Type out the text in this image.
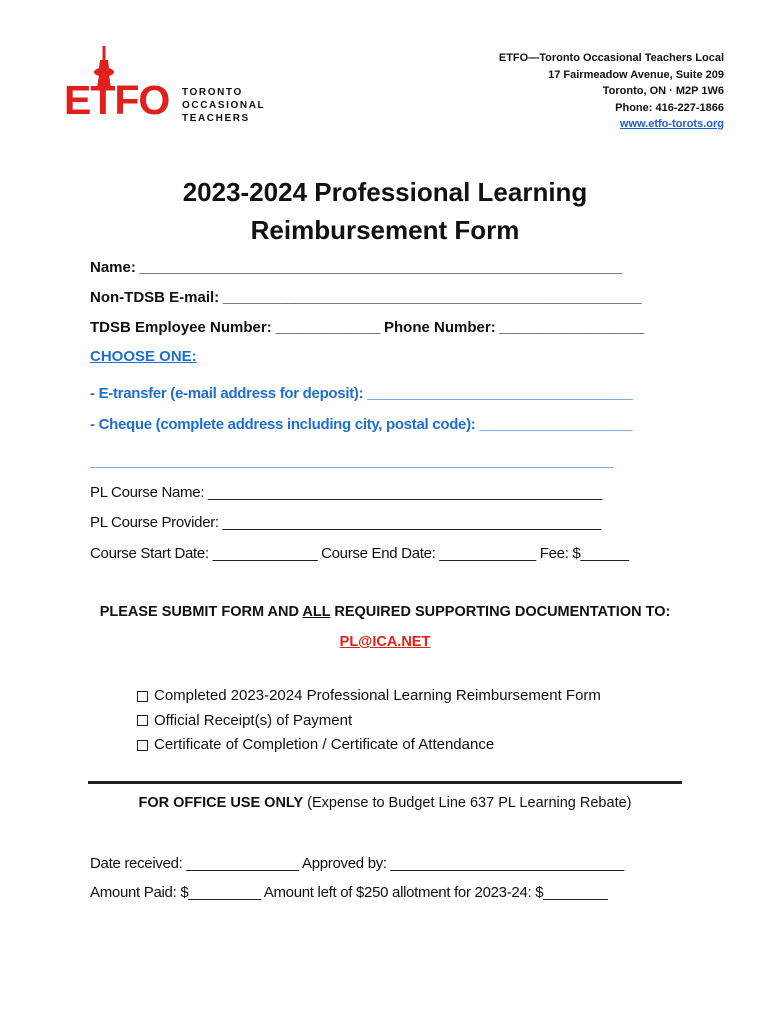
ETFO TORONTO
OCCASIONAL
TEACHERS
ETFO—Toronto Occasional Teachers Local
17 Fairmeadow Avenue, Suite 209
Toronto, ON · M2P 1W6
Phone: 416-227-1866
www.etfo-torots.org
2023-2024 Professional Learning
Reimbursement Form
Name: ____________________________________________________________
Non-TDSB E-mail: ____________________________________________________
TDSB Employee Number: _____________ Phone Number: __________________
CHOOSE ONE:
- E-transfer (e-mail address for deposit): _________________________________
- Cheque (complete address including city, postal code): ___________________
_________________________________________________________________
PL Course Name: _________________________________________________
PL Course Provider: _______________________________________________
Course Start Date: _____________ Course End Date: ____________ Fee: $______
PLEASE SUBMIT FORM AND ALL REQUIRED SUPPORTING DOCUMENTATION TO:
PL@ICA.NET
Completed 2023-2024 Professional Learning Reimbursement Form
Official Receipt(s) of Payment
Certificate of Completion / Certificate of Attendance
FOR OFFICE USE ONLY (Expense to Budget Line 637 PL Learning Rebate)
Date received: ______________ Approved by: _____________________________
Amount Paid: $_________ Amount left of $250 allotment for 2023-24: $________
